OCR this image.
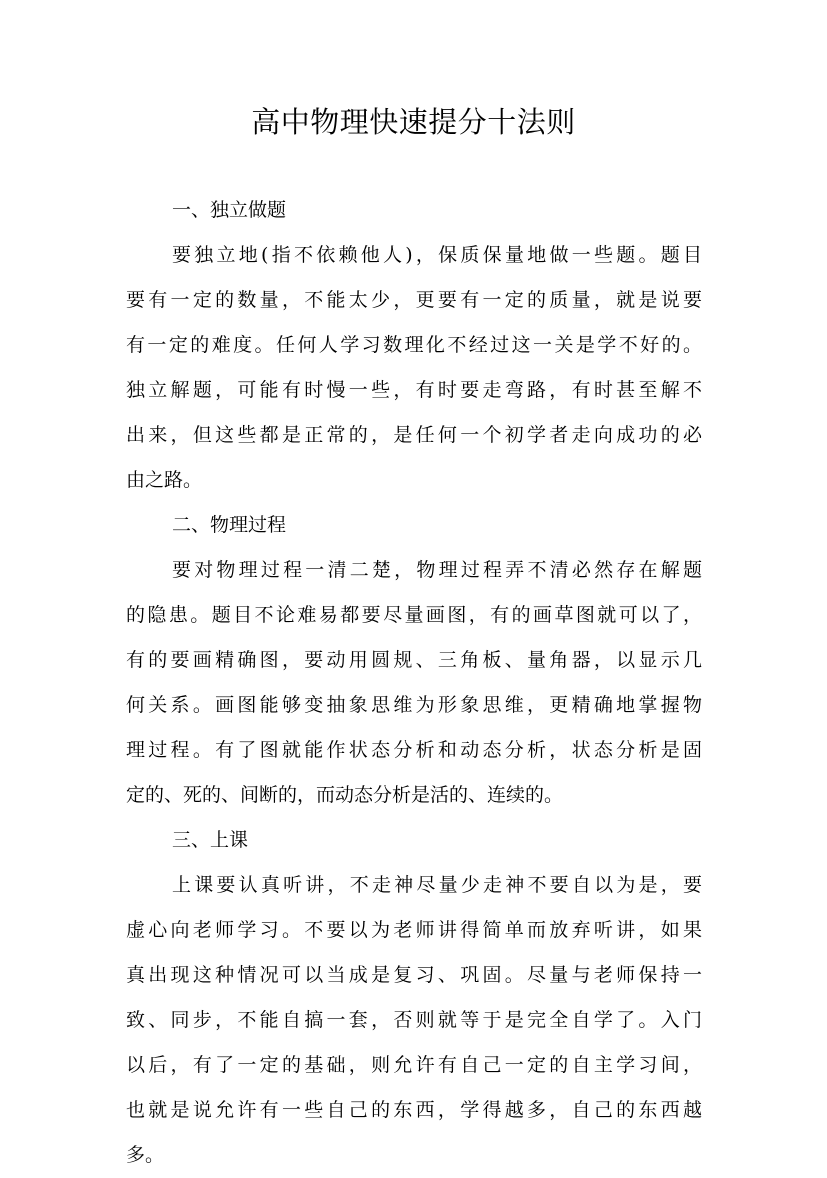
高中物理快速提分十法则
一、独立做题

要独立地(指不依赖他人)，保质保量地做一些题。题目
要有一定的数量，不能太少，更要有一定的质量，就是说要
有一定的难度。任何人学习数理化不经过这一关是学不好的。
独立解题，可能有时慢一些，有时要走弯路，有时甚至解不
出来，但这些都是正常的，是任何一个初学者走向成功的必
由之路。

二、物理过程

要对物理过程一清二楚，物理过程弄不清必然存在解题
的隐患。题目不论难易都要尽量画图，有的画草图就可以了，
有的要画精确图，要动用圆规、三角板、量角器，以显示几
何关系。画图能够变抽象思维为形象思维，更精确地掌握物
理过程。有了图就能作状态分析和动态分析，状态分析是固
定的、死的、间断的，而动态分析是活的、连续的。

三、上课

上课要认真听讲，不走神尽量少走神不要自以为是，要
虚心向老师学习。不要以为老师讲得简单而放弃听讲，如果
真出现这种情况可以当成是复习、巩固。尽量与老师保持一
致、同步，不能自搞一套，否则就等于是完全自学了。入门
以后，有了一定的基础，则允许有自己一定的自主学习间，
也就是说允许有一些自己的东西，学得越多，自己的东西越
多。
